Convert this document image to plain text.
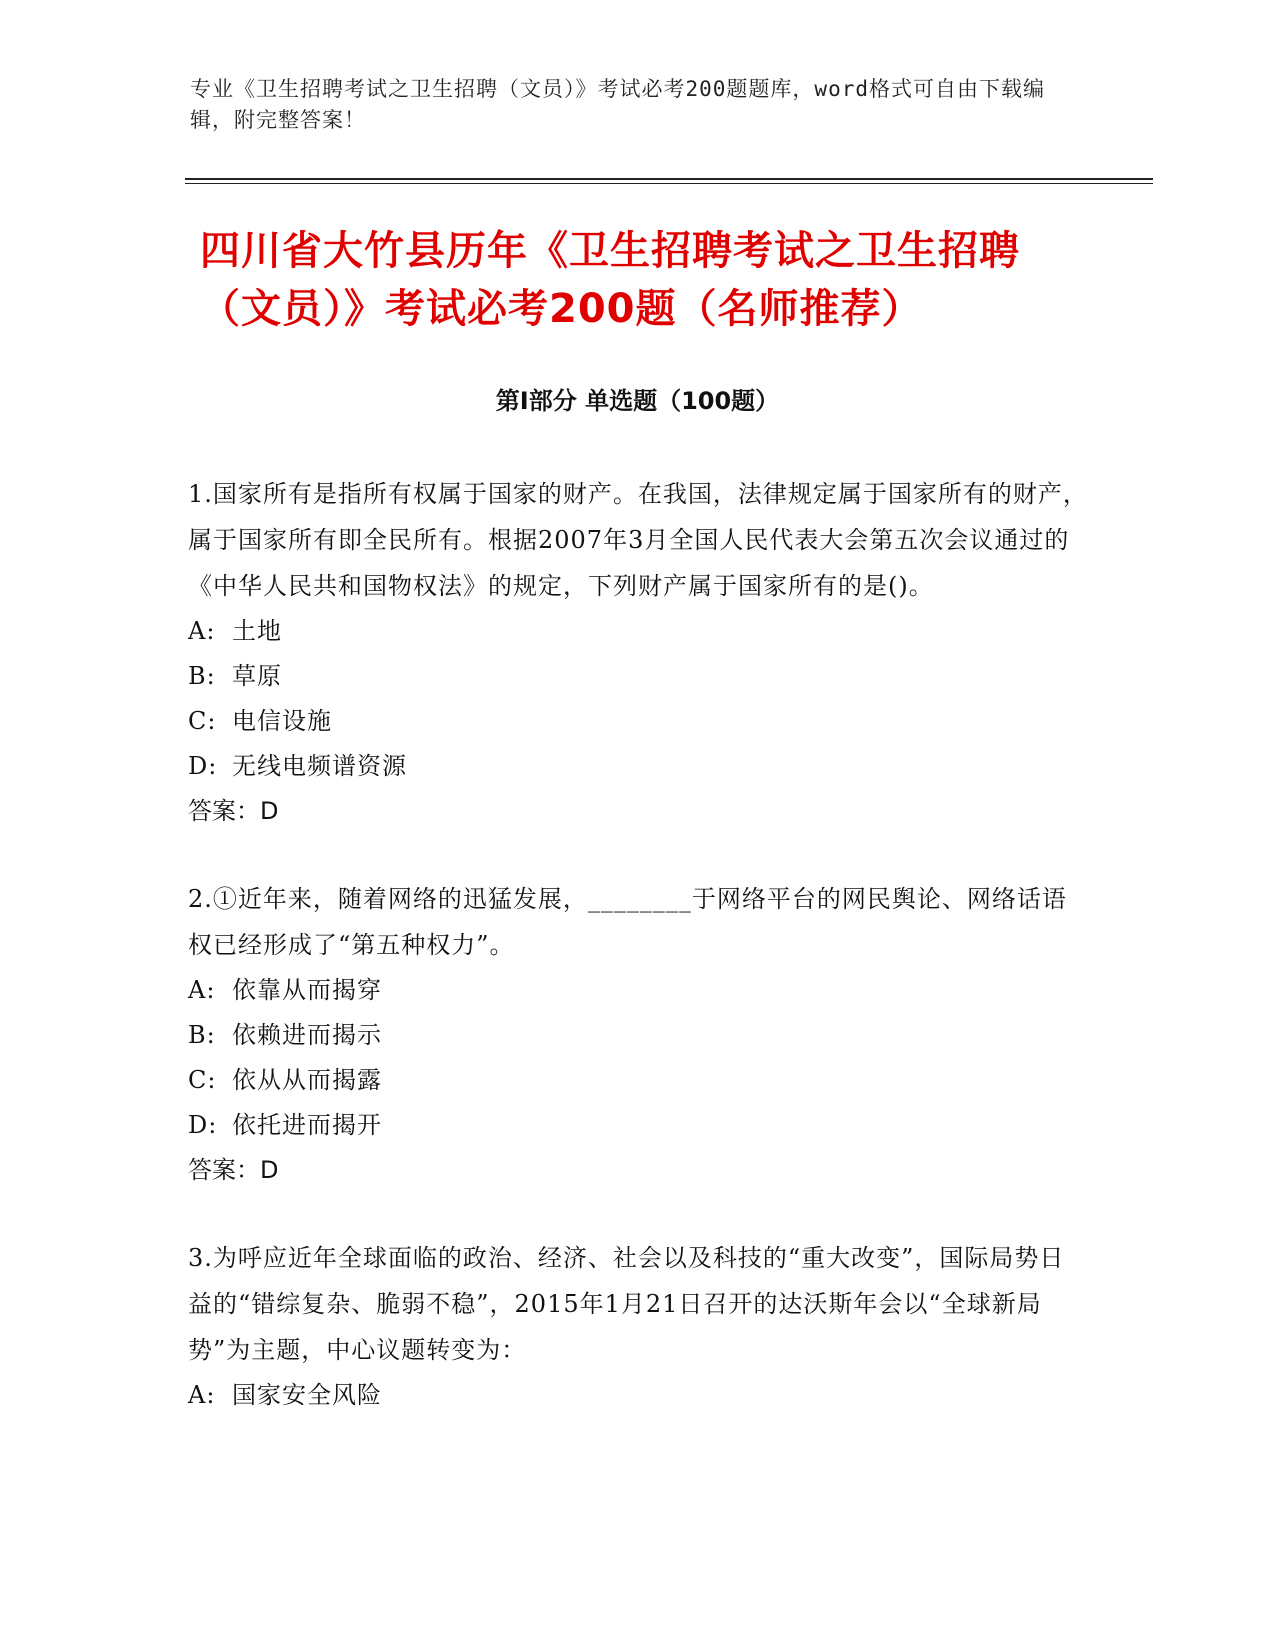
专业《卫生招聘考试之卫生招聘（文员）》考试必考200题题库，word格式可自由下载编辑，附完整答案！
四川省大竹县历年《卫生招聘考试之卫生招聘（文员）》考试必考200题（名师推荐）
第I部分 单选题（100题）

1.国家所有是指所有权属于国家的财产。在我国，法律规定属于国家所有的财产，属于国家所有即全民所有。根据2007年3月全国人民代表大会第五次会议通过的《中华人民共和国物权法》的规定，下列财产属于国家所有的是()。

A: 土地

B: 草原

C: 电信设施

D: 无线电频谱资源

答案：D

2.①近年来，随着网络的迅猛发展，________于网络平台的网民舆论、网络话语权已经形成了“第五种权力”。

A: 依靠从而揭穿

B: 依赖进而揭示

C: 依从从而揭露

D: 依托进而揭开

答案：D

3.为呼应近年全球面临的政治、经济、社会以及科技的“重大改变”，国际局势日益的“错综复杂、脆弱不稳”，2015年1月21日召开的达沃斯年会以“全球新局势”为主题，中心议题转变为：

A: 国家安全风险
